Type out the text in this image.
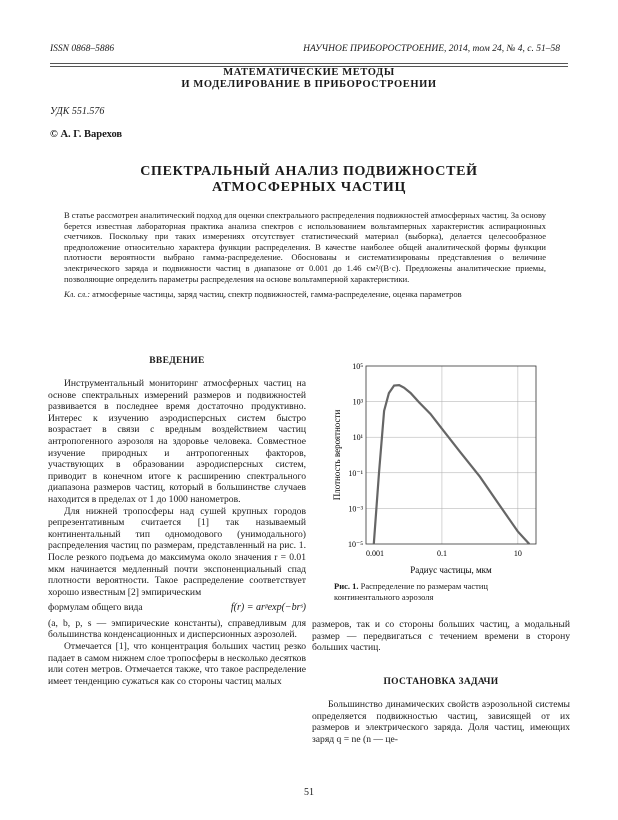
ISSN 0868–5886	НАУЧНОЕ ПРИБОРОСТРОЕНИЕ, 2014, том 24, № 4, c. 51–58
МАТЕМАТИЧЕСКИЕ МЕТОДЫ
И МОДЕЛИРОВАНИЕ В ПРИБОРОСТРОЕНИИ
УДК 551.576
© А. Г. Варехов
СПЕКТРАЛЬНЫЙ АНАЛИЗ ПОДВИЖНОСТЕЙ
АТМОСФЕРНЫХ ЧАСТИЦ
В статье рассмотрен аналитический подход для оценки спектрального распределения подвижностей атмосферных частиц. За основу берется известная лабораторная практика анализа спектров с использованием вольтамперных характеристик аспирационных счетчиков. Поскольку при таких измерениях отсутствует статистический материал (выборка), делается целесообразное предположение относительно характера функции распределения. В качестве наиболее общей аналитической формы функции плотности вероятности выбрано гамма-распределение. Обоснованы и систематизированы представления о величине электрического заряда и подвижности частиц в диапазоне от 0.001 до 1.46 см²/(В·с). Предложены аналитические приемы, позволяющие определить параметры распределения на основе вольтамперной характеристики.
Кл. сл.: атмосферные частицы, заряд частиц, спектр подвижностей, гамма-распределение, оценка параметров
ВВЕДЕНИЕ

Инструментальный мониторинг атмосферных частиц на основе спектральных измерений размеров и подвижностей развивается в последнее время достаточно продуктивно. Интерес к изучению аэродисперсных систем быстро возрастает в связи с вредным воздействием частиц антропогенного аэрозоля на здоровье человека. Совместное изучение природных и антропогенных факторов, участвующих в образовании аэродисперсных систем, приводит в конечном итоге к расширению спектрального диапазона размеров частиц, который в большинстве случаев находится в пределах от 1 до 1000 нанометров.

Для нижней тропосферы над сушей крупных городов репрезентативным считается [1] так называемый континентальный тип одномодового (унимодального) распределения частиц по размерам, представленный на рис. 1. После резкого подъема до максимума около значения r = 0.01 мкм начинается медленный почти экспоненциальный спад плотности вероятности. Такое распределение соответствует хорошо известным [2] эмпирическим

формулам общего вида	f(r) = arᵖexp(−brˢ)

(a, b, p, s — эмпирические константы), справедливым для большинства конденсационных и дисперсионных аэрозолей.

Отмечается [1], что концентрация больших частиц резко падает в самом нижнем слое тропосферы в несколько десятков или сотен метров. Отмечается также, что такое распределение имеет тенденцию сужаться как со стороны частиц малых

10⁻⁵
10⁻³
10⁻¹
10¹
10³
10⁵
0.001	0.1	10
Плотность вероятности
Радиус частицы, мкм
Рис. 1. Распределение по размерам частиц континентального аэрозоля

размеров, так и со стороны больших частиц, а модальный размер — передвигаться с течением времени в сторону больших частиц.

ПОСТАНОВКА ЗАДАЧИ

Большинство динамических свойств аэрозольной системы определяется подвижностью частиц, зависящей от их размеров и электрического заряда. Доля частиц, имеющих заряд q = ne (n — це-

51
